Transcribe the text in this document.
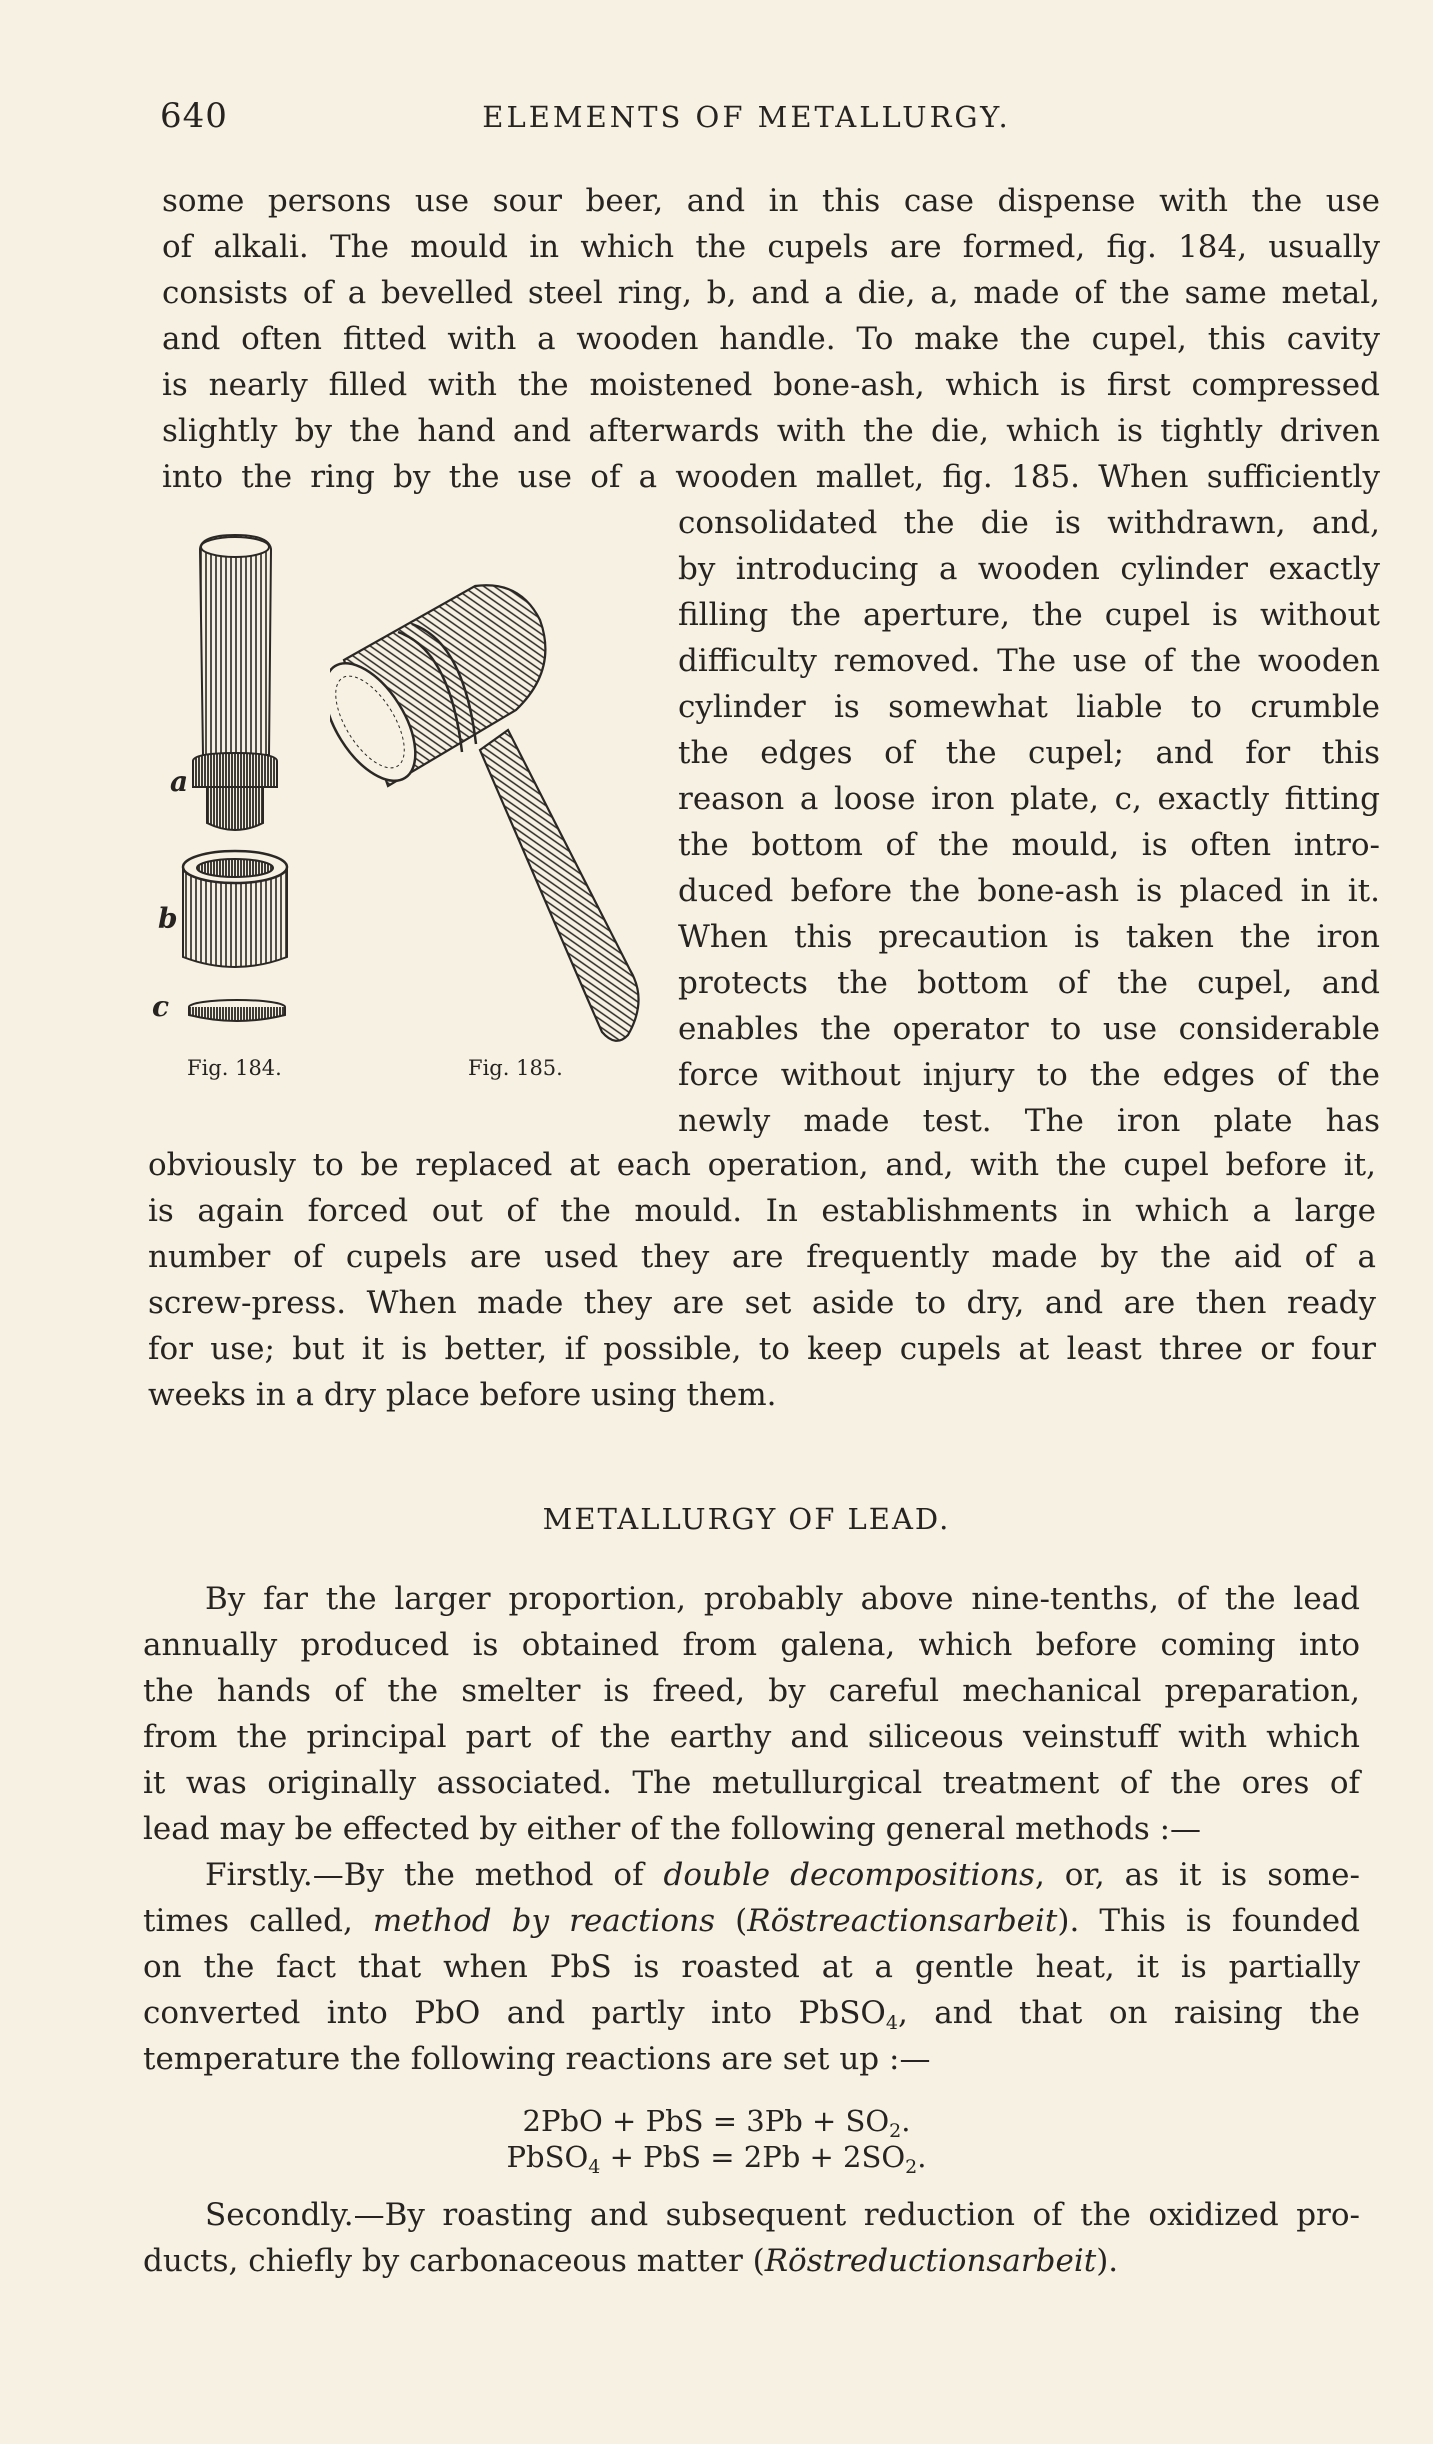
640	ELEMENTS OF METALLURGY.
some persons use sour beer, and in this case dispense with the use
of alkali. The mould in which the cupels are formed, fig. 184, usually
consists of a bevelled steel ring, b, and a die, a, made of the same metal,
and often fitted with a wooden handle. To make the cupel, this cavity
is nearly filled with the moistened bone-ash, which is first compressed
slightly by the hand and afterwards with the die, which is tightly driven
into the ring by the use of a wooden mallet, fig. 185. When sufficiently
consolidated the die is withdrawn, and,
by introducing a wooden cylinder exactly
filling the aperture, the cupel is without
difficulty removed. The use of the wooden
cylinder is somewhat liable to crumble
the edges of the cupel; and for this
reason a loose iron plate, c, exactly fitting
the bottom of the mould, is often intro-
duced before the bone-ash is placed in it.
When this precaution is taken the iron
protects the bottom of the cupel, and
enables the operator to use considerable
force without injury to the edges of the
newly made test. The iron plate has
a
b
c
Fig. 184.	Fig. 185.
obviously to be replaced at each operation, and, with the cupel before it,
is again forced out of the mould. In establishments in which a large
number of cupels are used they are frequently made by the aid of a
screw-press. When made they are set aside to dry, and are then ready
for use; but it is better, if possible, to keep cupels at least three or four
weeks in a dry place before using them.
METALLURGY OF LEAD.
By far the larger proportion, probably above nine-tenths, of the lead
annually produced is obtained from galena, which before coming into
the hands of the smelter is freed, by careful mechanical preparation,
from the principal part of the earthy and siliceous veinstuff with which
it was originally associated. The metullurgical treatment of the ores of
lead may be effected by either of the following general methods :—
Firstly.—By the method of double decompositions, or, as it is some-
times called, method by reactions (Röstreactionsarbeit). This is founded
on the fact that when PbS is roasted at a gentle heat, it is partially
converted into PbO and partly into PbSO$_4$, and that on raising the
temperature the following reactions are set up :—
2PbO + PbS = $3Pb + SO_2$.
PbSO$_4$ + PbS = $2Pb + 2SO_2$.
Secondly.—By roasting and subsequent reduction of the oxidized pro-
ducts, chiefly by carbonaceous matter (Röstreductionsarbeit).
